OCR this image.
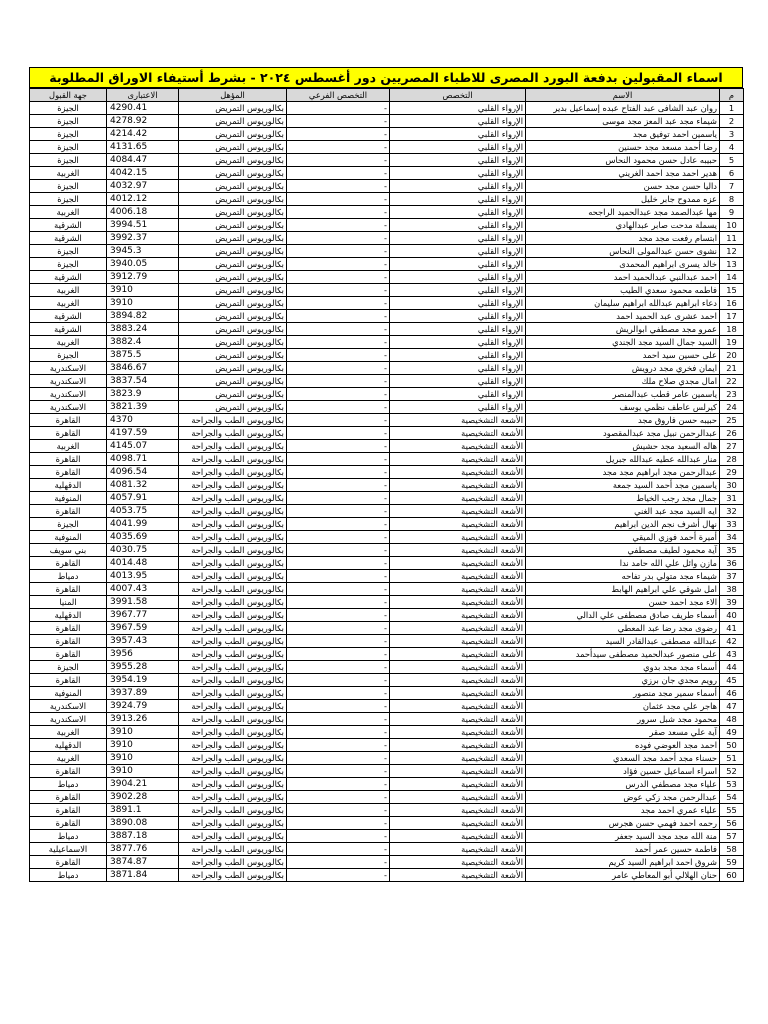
اسماء المقبولين بدفعة البورد المصرى للاطباء المصريين دور أغسطس ٢٠٢٤ - بشرط أستيفاء الاوراق المطلوبة
م	الاسم	التخصص	التخصص الفرعي	المؤهل	الاعتبارى	جهة القبول
1	روان عبد الشافى عبد الفتاح عبده إسماعيل بدير	الإرواء القلبي	-	بكالوريوس التمريض	4290.41	الجيزة
2	شيماء مجد عبد المعز مجد موسى	الإرواء القلبي	-	بكالوريوس التمريض	4278.92	الجيزة
3	ياسمين احمد توفيق مجد	الإرواء القلبي	-	بكالوريوس التمريض	4214.42	الجيزة
4	رضا أحمد مسعد مجد حسنين	الإرواء القلبي	-	بكالوريوس التمريض	4131.65	الجيزة
5	حبيبه عادل حسن محمود النحاس	الإرواء القلبي	-	بكالوريوس التمريض	4084.47	الجيزة
6	هدير احمد مجد احمد الغريني	الإرواء القلبي	-	بكالوريوس التمريض	4042.15	الغربية
7	داليا حسن مجد حسن	الإرواء القلبي	-	بكالوريوس التمريض	4032.97	الجيزة
8	عزه ممدوح جابر خليل	الإرواء القلبي	-	بكالوريوس التمريض	4012.12	الجيزة
9	مها عبدالصمد مجد عبدالحميد الراجحه	الإرواء القلبي	-	بكالوريوس التمريض	4006.18	الغربية
10	يسملة مدحت صابر عبدالهادي	الإرواء القلبي	-	بكالوريوس التمريض	3994.51	الشرقية
11	ابتسام رفعت مجد مجد	الإرواء القلبي	-	بكالوريوس التمريض	3992.37	الشرقية
12	نشوى حسن عبدالمولى النحاس	الإرواء القلبي	-	بكالوريوس التمريض	3945.3	الجيزة
13	خالد يسرى ابراهيم المحمدى	الإرواء القلبي	-	بكالوريوس التمريض	3940.05	الجيزة
14	احمد عبدالنبي عبدالحميد احمد	الإرواء القلبي	-	بكالوريوس التمريض	3912.79	الشرقية
15	فاطمه محمود سعدي الطيب	الإرواء القلبي	-	بكالوريوس التمريض	3910	الغربية
16	دعاء ابراهيم عبدالله ابراهيم سليمان	الإرواء القلبي	-	بكالوريوس التمريض	3910	الغربية
17	احمد عشرى عبد الحميد احمد	الإرواء القلبي	-	بكالوريوس التمريض	3894.82	الشرقية
18	عمرو مجد مصطفي ابوالريش	الإرواء القلبي	-	بكالوريوس التمريض	3883.24	الشرقية
19	السيد جمال السيد مجد الجندي	الإرواء القلبي	-	بكالوريوس التمريض	3882.4	الغربية
20	على حسين سيد احمد	الإرواء القلبي	-	بكالوريوس التمريض	3875.5	الجيزة
21	ايمان فخري مجد درويش	الإرواء القلبي	-	بكالوريوس التمريض	3846.67	الاسكندرية
22	امال مجدي صلاح ملك	الإرواء القلبي	-	بكالوريوس التمريض	3837.54	الاسكندرية
23	ياسمين عامر قطب عبدالمنصر	الإرواء القلبي	-	بكالوريوس التمريض	3823.9	الاسكندرية
24	كيرلس عاطف نظمي يوسف	الإرواء القلبي	-	بكالوريوس التمريض	3821.39	الاسكندرية
25	حبيبه حسن فاروق مجد	الأشعة التشخيصية	-	بكالوريوس الطب والجراحة	4370	القاهرة
26	عبدالرحمن نبيل مجد عبدالمقصود	الأشعة التشخيصية	-	بكالوريوس الطب والجراحة	4197.59	القاهرة
27	هاله السعيد مجد حشيش	الأشعة التشخيصية	-	بكالوريوس الطب والجراحة	4145.07	الغربية
28	منار عبدالله عطيه عبدالله جبريل	الأشعة التشخيصية	-	بكالوريوس الطب والجراحة	4098.71	القاهرة
29	عبدالرحمن مجد ابراهيم مجد مجد	الأشعة التشخيصية	-	بكالوريوس الطب والجراحة	4096.54	القاهرة
30	ياسمين مجد أحمد السيد جمعة	الأشعة التشخيصية	-	بكالوريوس الطب والجراحة	4081.32	الدقهلية
31	جمال مجد رجب الخياط	الأشعة التشخيصية	-	بكالوريوس الطب والجراحة	4057.91	المنوفية
32	ايه السيد مجد عبد الغني	الأشعة التشخيصية	-	بكالوريوس الطب والجراحة	4053.75	القاهرة
33	نهال أشرف نجم الدين ابراهيم	الأشعة التشخيصية	-	بكالوريوس الطب والجراحة	4041.99	الجيزة
34	أميرة أحمد فوزي الميقي	الأشعة التشخيصية	-	بكالوريوس الطب والجراحة	4035.69	المنوفية
35	آية محمود لطيف مصطفي	الأشعة التشخيصية	-	بكالوريوس الطب والجراحة	4030.75	بني سويف
36	مازن وائل علي الله حامد ندا	الأشعة التشخيصية	-	بكالوريوس الطب والجراحة	4014.48	القاهرة
37	شيماء مجد متولي بدر تفاحه	الأشعة التشخيصية	-	بكالوريوس الطب والجراحة	4013.95	دمياط
38	امل شوقي علي ابراهيم الهابط	الأشعة التشخيصية	-	بكالوريوس الطب والجراحة	4007.43	القاهرة
39	الاء مجد احمد حسن	الأشعة التشخيصية	-	بكالوريوس الطب والجراحة	3991.58	المنيا
40	أسماء طريف صادق مصطفى علي الدالي	الأشعة التشخيصية	-	بكالوريوس الطب والجراحة	3967.77	الدقهلية
41	رضوى مجد رضا عبد المعطي	الأشعة التشخيصية	-	بكالوريوس الطب والجراحة	3967.59	القاهرة
42	عبدالله مصطفى عبدالقادر السيد	الأشعة التشخيصية	-	بكالوريوس الطب والجراحة	3957.43	القاهرة
43	على منصور عبدالحميد مصطفى سيدأحمد	الأشعة التشخيصية	-	بكالوريوس الطب والجراحة	3956	القاهرة
44	أسماء مجد مجد بدوي	الأشعة التشخيصية	-	بكالوريوس الطب والجراحة	3955.28	الجيزة
45	رويم مجدي جان برزي	الأشعة التشخيصية	-	بكالوريوس الطب والجراحة	3954.19	القاهرة
46	أسماء سمير مجد منصور	الأشعة التشخيصية	-	بكالوريوس الطب والجراحة	3937.89	المنوفية
47	هاجر علي مجد عثمان	الأشعة التشخيصية	-	بكالوريوس الطب والجراحة	3924.79	الاسكندرية
48	محمود مجد شبل سرور	الأشعة التشخيصية	-	بكالوريوس الطب والجراحة	3913.26	الاسكندرية
49	آية علي مسعد صقر	الأشعة التشخيصية	-	بكالوريوس الطب والجراحة	3910	الغربية
50	احمد مجد العوضي فوده	الأشعة التشخيصية	-	بكالوريوس الطب والجراحة	3910	الدقهلية
51	حسناء مجد أحمد مجد السعدي	الأشعة التشخيصية	-	بكالوريوس الطب والجراحة	3910	الغربية
52	اسراء اسماعيل حسين فؤاد	الأشعة التشخيصية	-	بكالوريوس الطب والجراحة	3910	القاهرة
53	علياء مجد مصطفي الدرس	الأشعة التشخيصية	-	بكالوريوس الطب والجراحة	3904.21	دمياط
54	عبدالرحمن مجد زكي عوض	الأشعة التشخيصية	-	بكالوريوس الطب والجراحة	3902.28	القاهرة
55	علياء عمري احمد مجد	الأشعة التشخيصية	-	بكالوريوس الطب والجراحة	3891.1	القاهرة
56	رحمه احمد فهمي حسن هجرس	الأشعة التشخيصية	-	بكالوريوس الطب والجراحة	3890.08	القاهرة
57	منة الله مجد مجد السيد جعفر	الأشعة التشخيصية	-	بكالوريوس الطب والجراحة	3887.18	دمياط
58	فاطمة حسين عمر أحمد	الأشعة التشخيصية	-	بكالوريوس الطب والجراحة	3877.76	الاسماعيلية
59	شروق احمد ابراهيم السيد كريم	الأشعة التشخيصية	-	بكالوريوس الطب والجراحة	3874.87	القاهرة
60	حنان الهلالي أبو المعاطي عامر	الأشعة التشخيصية	-	بكالوريوس الطب والجراحة	3871.84	دمياط
